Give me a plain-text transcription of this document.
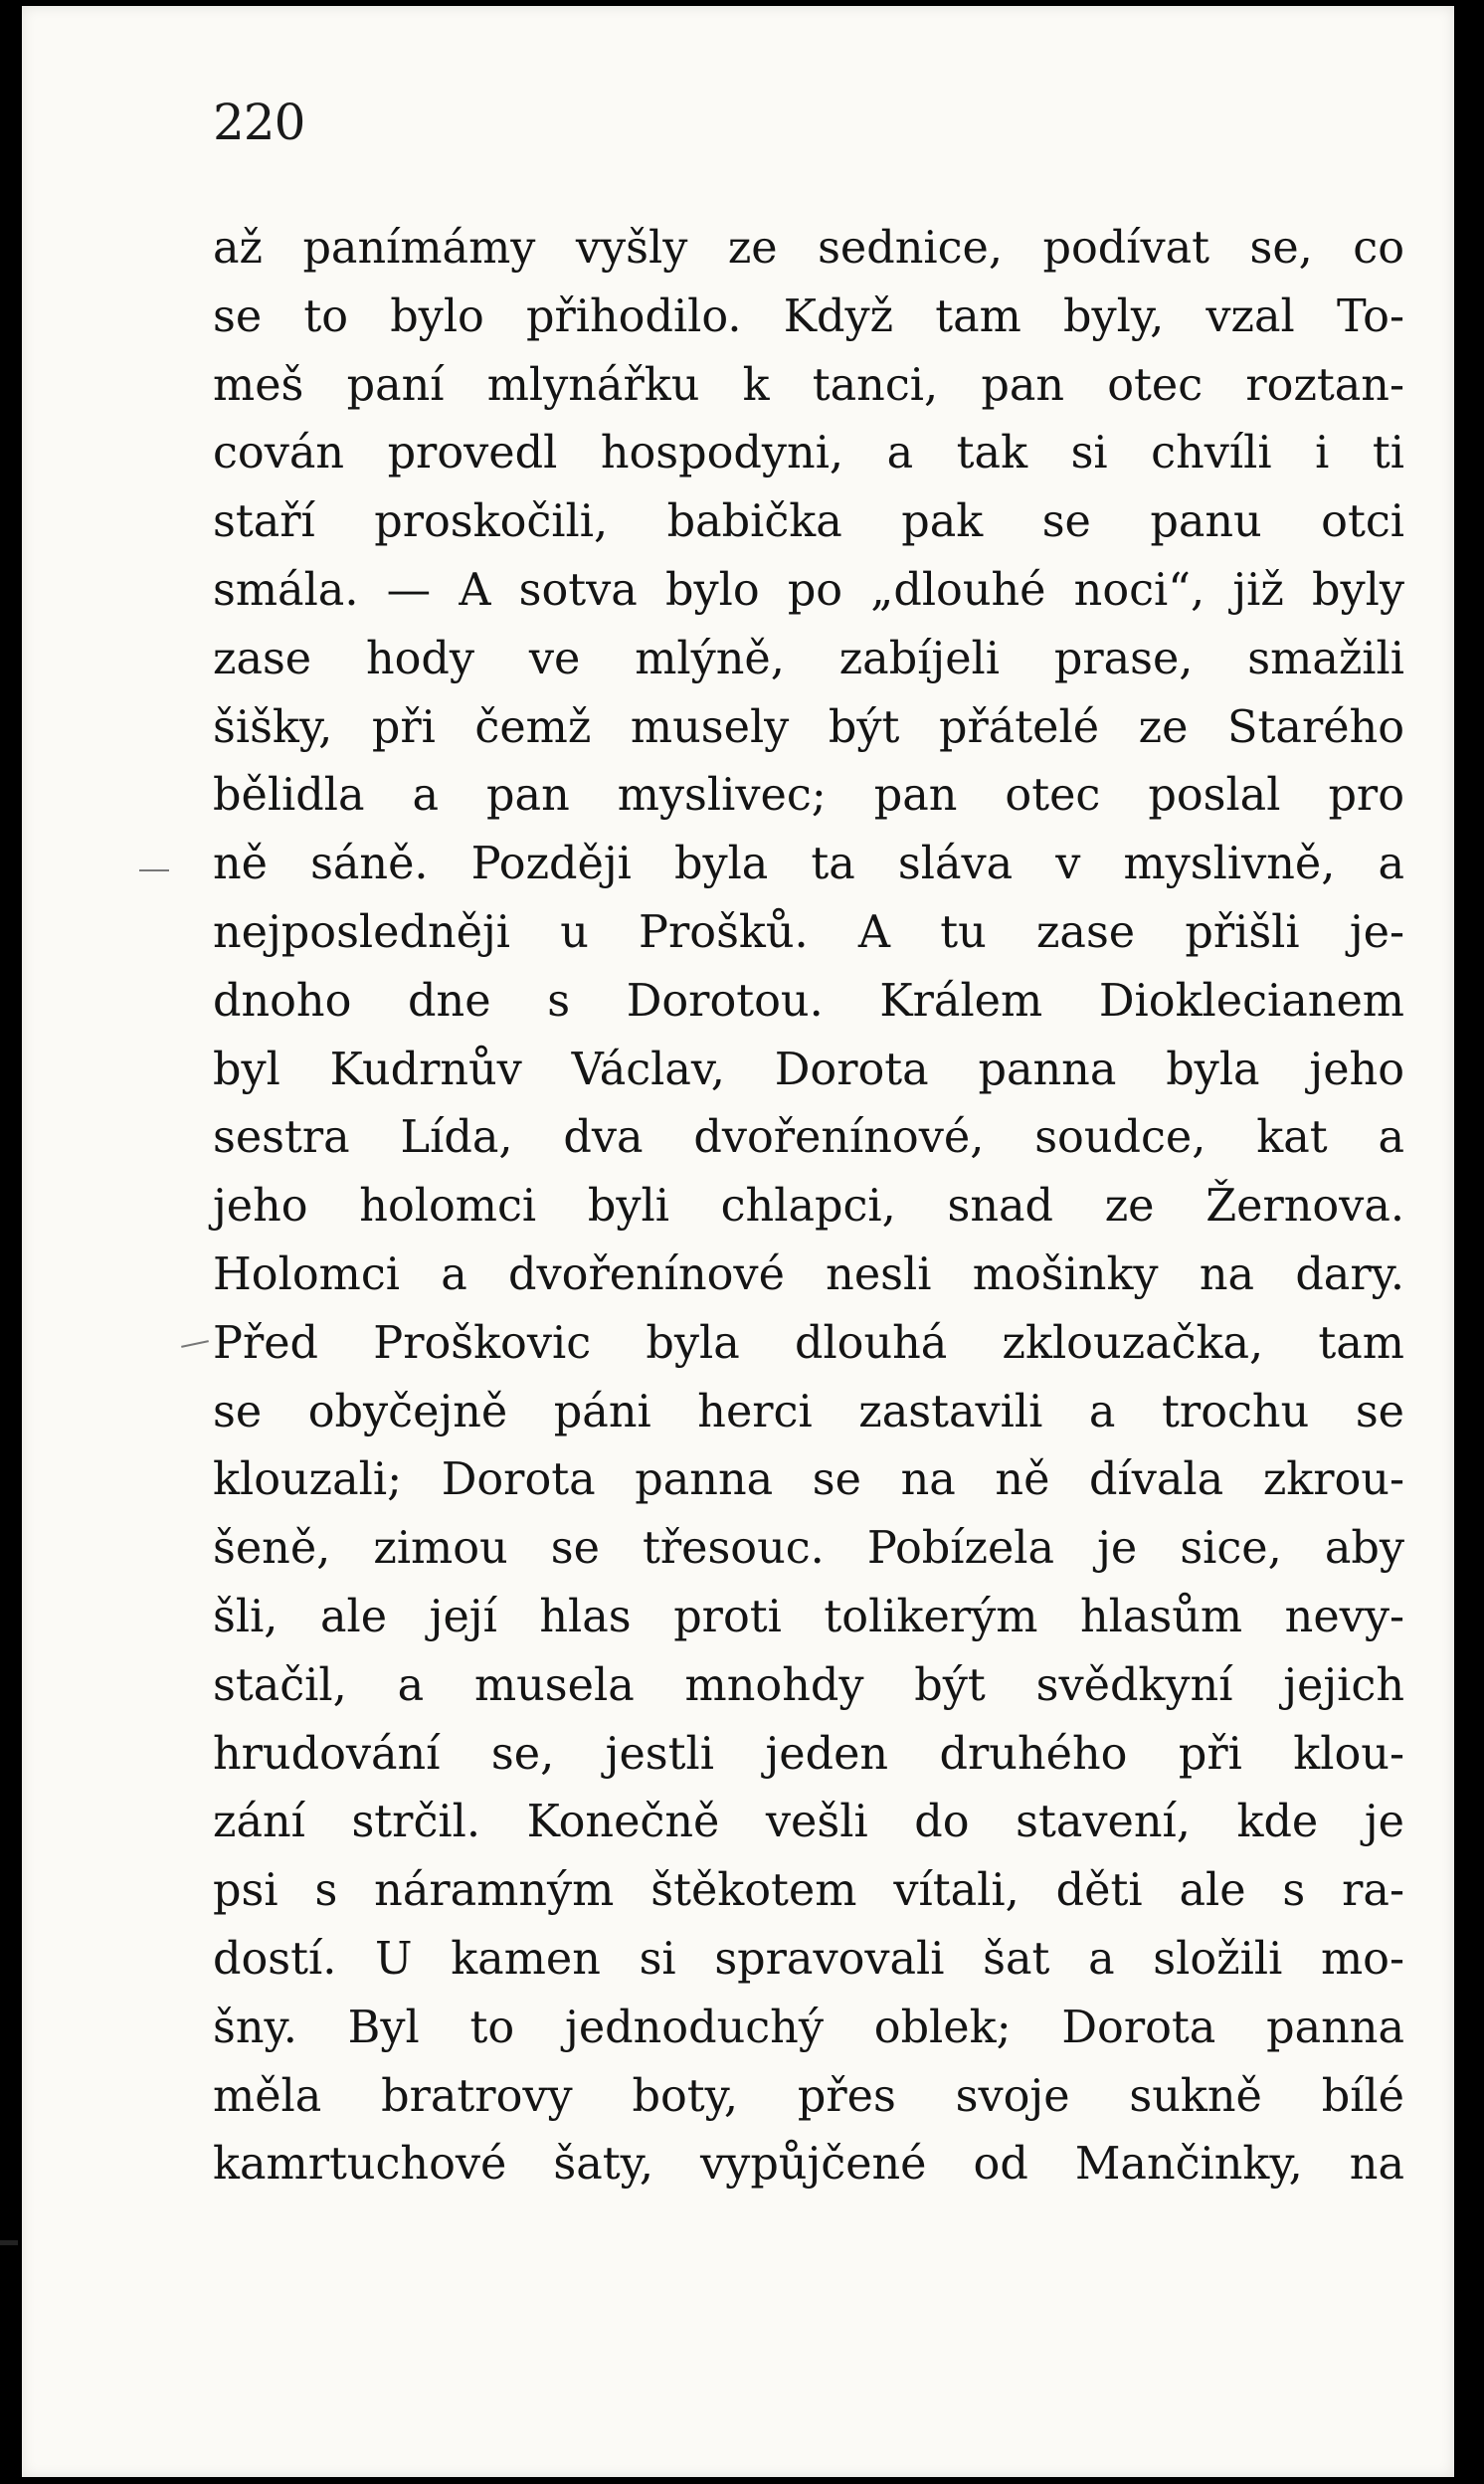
220
až panímámy vyšly ze sednice, podívat se, co
se to bylo přihodilo. Když tam byly, vzal To-
meš paní mlynářku k tanci, pan otec roztan-
cován provedl hospodyni, a tak si chvíli i ti
staří proskočili, babička pak se panu otci
smála. — A sotva bylo po „dlouhé noci“, již byly
zase hody ve mlýně, zabíjeli prase, smažili
šišky, při čemž musely být přátelé ze Starého
bělidla a pan myslivec; pan otec poslal pro
ně sáně. Později byla ta sláva v myslivně, a
nejposledněji u Prošků. A tu zase přišli je-
dnoho dne s Dorotou. Králem Dioklecianem
byl Kudrnův Václav, Dorota panna byla jeho
sestra Lída, dva dvořenínové, soudce, kat a
jeho holomci byli chlapci, snad ze Žernova.
Holomci a dvořenínové nesli mošinky na dary.
Před Proškovic byla dlouhá zklouzačka, tam
se obyčejně páni herci zastavili a trochu se
klouzali; Dorota panna se na ně dívala zkrou-
šeně, zimou se třesouc. Pobízela je sice, aby
šli, ale její hlas proti tolikerým hlasům nevy-
stačil, a musela mnohdy být svědkyní jejich
hrudování se, jestli jeden druhého při klou-
zání strčil. Konečně vešli do stavení, kde je
psi s náramným štěkotem vítali, děti ale s ra-
dostí. U kamen si spravovali šat a složili mo-
šny. Byl to jednoduchý oblek; Dorota panna
měla bratrovy boty, přes svoje sukně bílé
kamrtuchové šaty, vypůjčené od Mančinky, na
